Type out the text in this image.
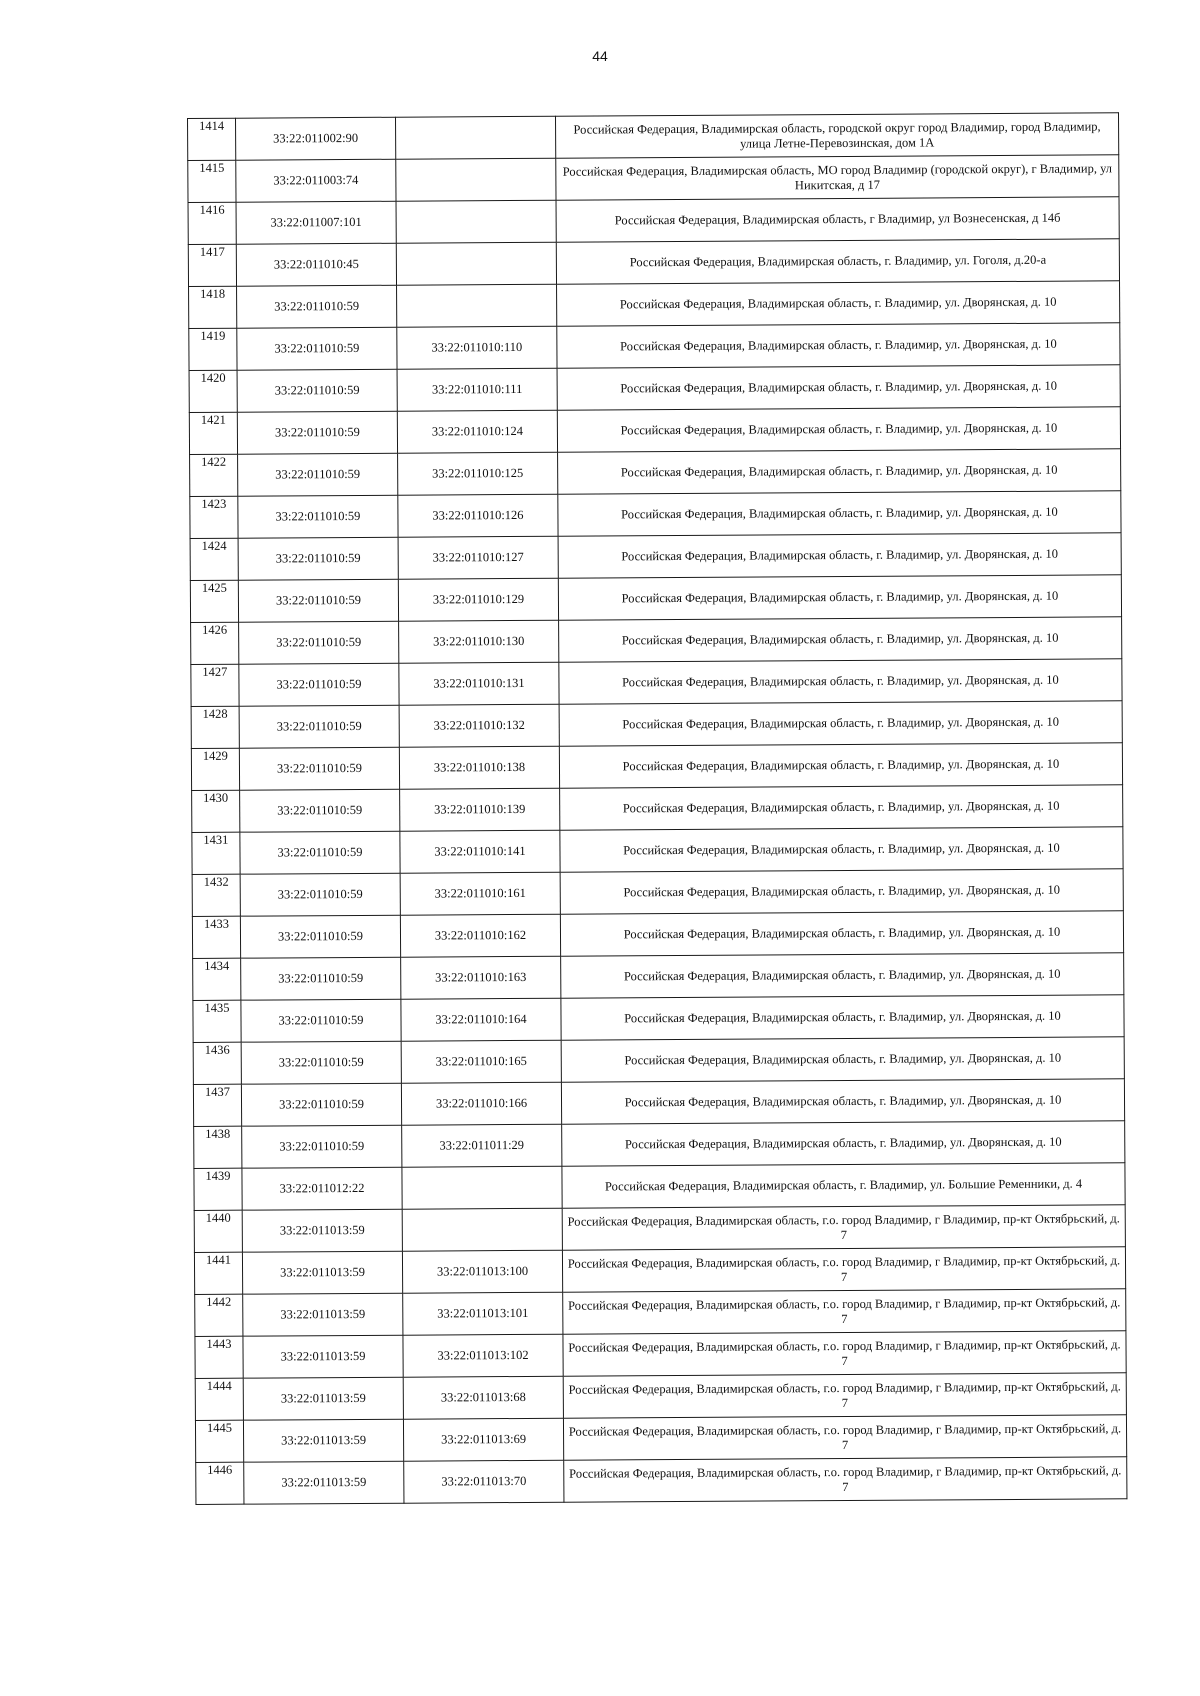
44
1414	33:22:011002:90		Российская Федерация, Владимирская область, городской округ город Владимир, город Владимир, улица Летне-Перевозинская, дом 1А
1415	33:22:011003:74		Российская Федерация, Владимирская область, МО город Владимир (городской округ), г Владимир, ул Никитская, д 17
1416	33:22:011007:101		Российская Федерация, Владимирская область, г Владимир, ул Вознесенская, д 14б
1417	33:22:011010:45		Российская Федерация, Владимирская область, г. Владимир, ул. Гоголя, д.20-а
1418	33:22:011010:59		Российская Федерация, Владимирская область, г. Владимир, ул. Дворянская, д. 10
1419	33:22:011010:59	33:22:011010:110	Российская Федерация, Владимирская область, г. Владимир, ул. Дворянская, д. 10
1420	33:22:011010:59	33:22:011010:111	Российская Федерация, Владимирская область, г. Владимир, ул. Дворянская, д. 10
1421	33:22:011010:59	33:22:011010:124	Российская Федерация, Владимирская область, г. Владимир, ул. Дворянская, д. 10
1422	33:22:011010:59	33:22:011010:125	Российская Федерация, Владимирская область, г. Владимир, ул. Дворянская, д. 10
1423	33:22:011010:59	33:22:011010:126	Российская Федерация, Владимирская область, г. Владимир, ул. Дворянская, д. 10
1424	33:22:011010:59	33:22:011010:127	Российская Федерация, Владимирская область, г. Владимир, ул. Дворянская, д. 10
1425	33:22:011010:59	33:22:011010:129	Российская Федерация, Владимирская область, г. Владимир, ул. Дворянская, д. 10
1426	33:22:011010:59	33:22:011010:130	Российская Федерация, Владимирская область, г. Владимир, ул. Дворянская, д. 10
1427	33:22:011010:59	33:22:011010:131	Российская Федерация, Владимирская область, г. Владимир, ул. Дворянская, д. 10
1428	33:22:011010:59	33:22:011010:132	Российская Федерация, Владимирская область, г. Владимир, ул. Дворянская, д. 10
1429	33:22:011010:59	33:22:011010:138	Российская Федерация, Владимирская область, г. Владимир, ул. Дворянская, д. 10
1430	33:22:011010:59	33:22:011010:139	Российская Федерация, Владимирская область, г. Владимир, ул. Дворянская, д. 10
1431	33:22:011010:59	33:22:011010:141	Российская Федерация, Владимирская область, г. Владимир, ул. Дворянская, д. 10
1432	33:22:011010:59	33:22:011010:161	Российская Федерация, Владимирская область, г. Владимир, ул. Дворянская, д. 10
1433	33:22:011010:59	33:22:011010:162	Российская Федерация, Владимирская область, г. Владимир, ул. Дворянская, д. 10
1434	33:22:011010:59	33:22:011010:163	Российская Федерация, Владимирская область, г. Владимир, ул. Дворянская, д. 10
1435	33:22:011010:59	33:22:011010:164	Российская Федерация, Владимирская область, г. Владимир, ул. Дворянская, д. 10
1436	33:22:011010:59	33:22:011010:165	Российская Федерация, Владимирская область, г. Владимир, ул. Дворянская, д. 10
1437	33:22:011010:59	33:22:011010:166	Российская Федерация, Владимирская область, г. Владимир, ул. Дворянская, д. 10
1438	33:22:011010:59	33:22:011011:29	Российская Федерация, Владимирская область, г. Владимир, ул. Дворянская, д. 10
1439	33:22:011012:22		Российская Федерация, Владимирская область, г. Владимир, ул. Большие Ременники, д. 4
1440	33:22:011013:59		Российская Федерация, Владимирская область, г.о. город Владимир, г Владимир, пр-кт Октябрьский, д. 7
1441	33:22:011013:59	33:22:011013:100	Российская Федерация, Владимирская область, г.о. город Владимир, г Владимир, пр-кт Октябрьский, д. 7
1442	33:22:011013:59	33:22:011013:101	Российская Федерация, Владимирская область, г.о. город Владимир, г Владимир, пр-кт Октябрьский, д. 7
1443	33:22:011013:59	33:22:011013:102	Российская Федерация, Владимирская область, г.о. город Владимир, г Владимир, пр-кт Октябрьский, д. 7
1444	33:22:011013:59	33:22:011013:68	Российская Федерация, Владимирская область, г.о. город Владимир, г Владимир, пр-кт Октябрьский, д. 7
1445	33:22:011013:59	33:22:011013:69	Российская Федерация, Владимирская область, г.о. город Владимир, г Владимир, пр-кт Октябрьский, д. 7
1446	33:22:011013:59	33:22:011013:70	Российская Федерация, Владимирская область, г.о. город Владимир, г Владимир, пр-кт Октябрьский, д. 7
